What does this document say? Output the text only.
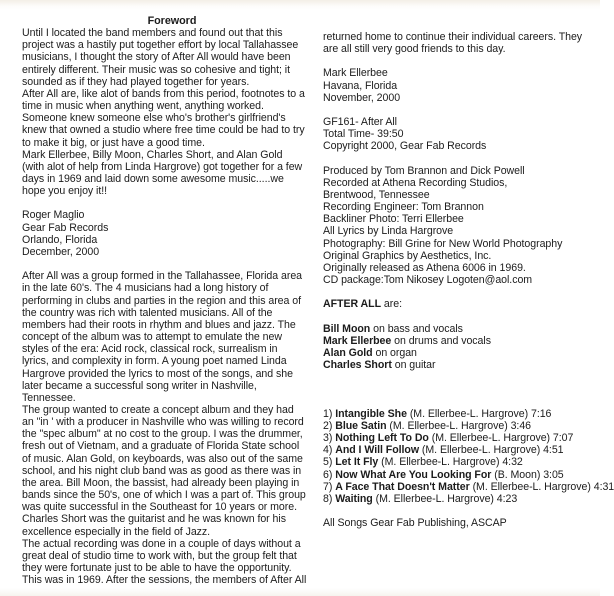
Foreword

Until I located the band members and found out that this project was a hastily put together effort by local Tallahassee musicians, I thought the story of After All would have been entirely different. Their music was so cohesive and tight; it sounded as if they had played together for years.

After All are, like alot of bands from this period, footnotes to a time in music when anything went, anything worked. Someone knew someone else who's brother's girlfriend's knew that owned a studio where free time could be had to try to make it big, or just have a good time.

Mark Ellerbee, Billy Moon, Charles Short, and Alan Gold (with alot of help from Linda Hargrove) got together for a few days in 1969 and laid down some awesome music.....we hope you enjoy it!!

Roger Maglio
Gear Fab Records
Orlando, Florida
December, 2000

After All was a group formed in the Tallahassee, Florida area in the late 60's. The 4 musicians had a long history of performing in clubs and parties in the region and this area of the country was rich with talented musicians. All of the members had their roots in rhythm and blues and jazz. The concept of the album was to attempt to emulate the new styles of the era: Acid rock, classical rock, surrealism in lyrics, and complexity in form. A young poet named Linda Hargrove provided the lyrics to most of the songs, and she later became a successful song writer in Nashville, Tennessee.

The group wanted to create a concept album and they had an "in ' with a producer in Nashville who was willing to record the "spec album" at no cost to the group. I was the drummer, fresh out of Vietnam, and a graduate of Florida State school of music. Alan Gold, on keyboards, was also out of the same school, and his night club band was as good as there was in the area. Bill Moon, the bassist, had already been playing in bands since the 50's, one of which I was a part of. This group was quite successful in the Southeast for 10 years or more. Charles Short was the guitarist and he was known for his excellence especially in the field of Jazz.

The actual recording was done in a couple of days without a great deal of studio time to work with, but the group felt that they were fortunate just to be able to have the opportunity. This was in 1969. After the sessions, the members of After All

returned home to continue their individual careers. They are all still very good friends to this day.

Mark Ellerbee
Havana, Florida
November, 2000
GF161- After All
Total Time- 39:50
Copyright 2000, Gear Fab Records
Produced by Tom Brannon and Dick Powell

Recorded at Athena Recording Studios, Brentwood, Tennessee

Recording Engineer: Tom Brannon
Backliner Photo: Terri Ellerbee
All Lyrics by Linda Hargrove
Photography: Bill Grine for New World Photography
Original Graphics by Aesthetics, Inc.
Originally released as Athena 6006 in 1969.
CD package:Tom Nikosey Logoten@aol.com
AFTER ALL are:
Bill Moon on bass and vocals
Mark Ellerbee on drums and vocals
Alan Gold on organ
Charles Short on guitar
1) Intangible She (M. Ellerbee-L. Hargrove) 7:16
2) Blue Satin (M. Ellerbee-L. Hargrove) 3:46
3) Nothing Left To Do (M. Ellerbee-L. Hargrove) 7:07
4) And I Will Follow (M. Ellerbee-L. Hargrove) 4:51
5) Let It Fly (M. Ellerbee-L. Hargrove) 4:32
6) Now What Are You Looking For (B. Moon) 3:05
7) A Face That Doesn't Matter (M. Ellerbee-L. Hargrove) 4:31
8) Waiting (M. Ellerbee-L. Hargrove) 4:23
All Songs Gear Fab Publishing, ASCAP
